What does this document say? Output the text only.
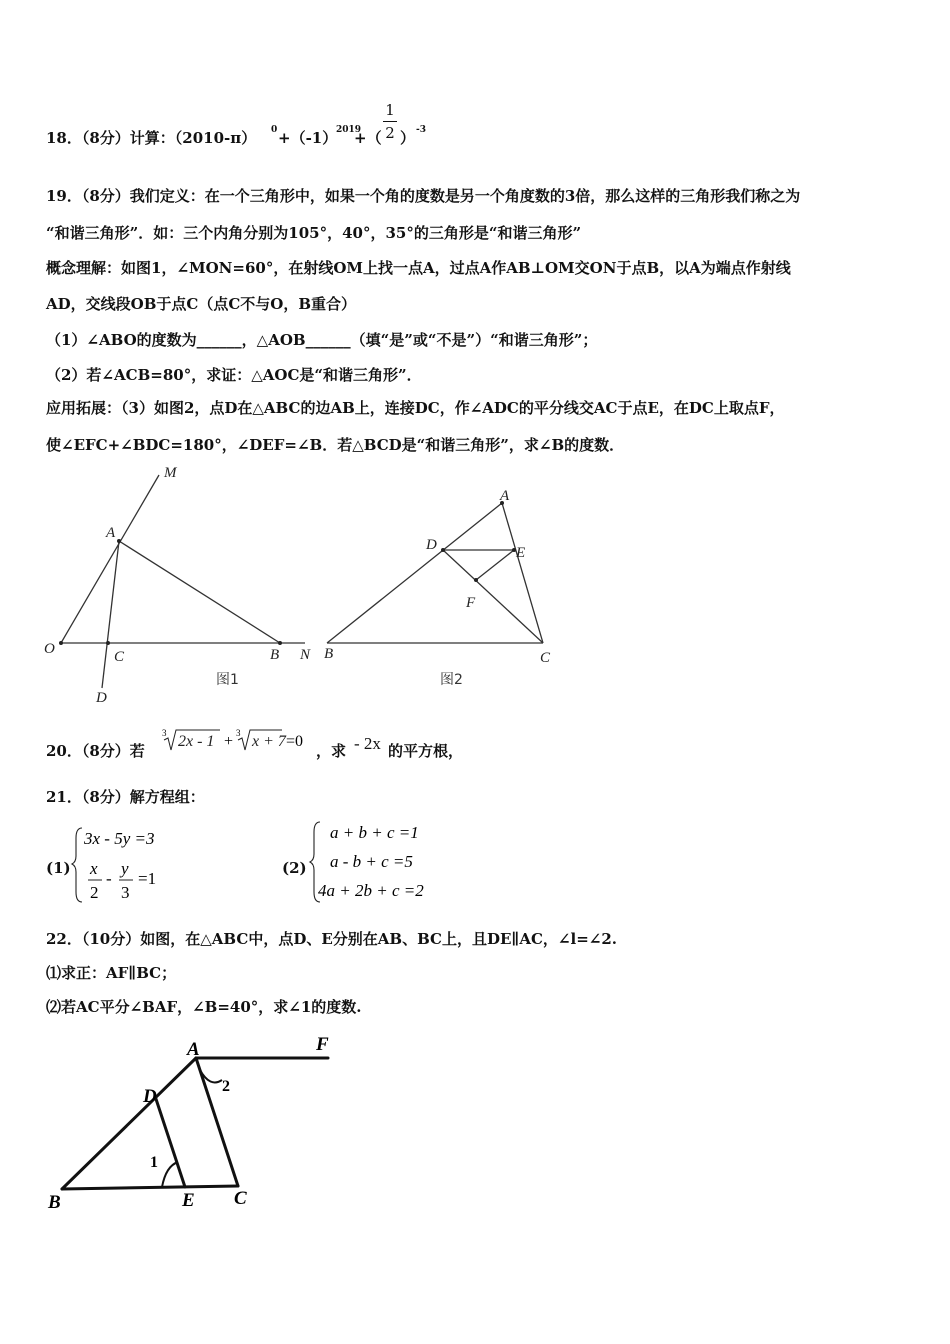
18．（8分）计算：（2010-π） 0 +（-1）
2019
+（
1
2 ） -3
19．（8分）我们定义：在一个三角形中，如果一个角的度数是另一个角度数的3倍，那么这样的三角形我们称之为
“和谐三角形”．如：三个内角分别为105°，40°，35°的三角形是“和谐三角形”
概念理解：如图1，∠MON=60°，在射线OM上找一点A，过点A作AB⊥OM交ON于点B，以A为端点作射线
AD，交线段OB于点C（点C不与O，B重合）
（1）∠ABO的度数为______，△AOB______（填“是”或“不是”）“和谐三角形”；
（2）若∠ACB=80°，求证：△AOC是“和谐三角形”．
应用拓展：（3）如图2，点D在△ABC的边AB上，连接DC，作∠ADC的平分线交AC于点E，在DC上取点F，
使∠EFC+∠BDC=180°，∠DEF=∠B．若△BCD是“和谐三角形”，求∠B的度数．
M
A
O	C	B N
D
图1
A
D	E
F
B	C
图2
20．（8分）若
3 2x - 1 + 3 x + 7 =0
，求 - 2x 的平方根，
21．（8分）解方程组：
(1)
3x - 5y =3
x
2
-
y
3
=1
(2)
a + b + c =1
a - b + c =5
4a + 2b + c =2
22．（10分）如图，在△ABC中，点D、E分别在AB、BC上，且DE∥AC，∠l=∠2.
⑴求正：AF∥BC；
⑵若AC平分∠BAF，∠B=40°，求∠1的度数.
A	F
D
B	E C
1
2
